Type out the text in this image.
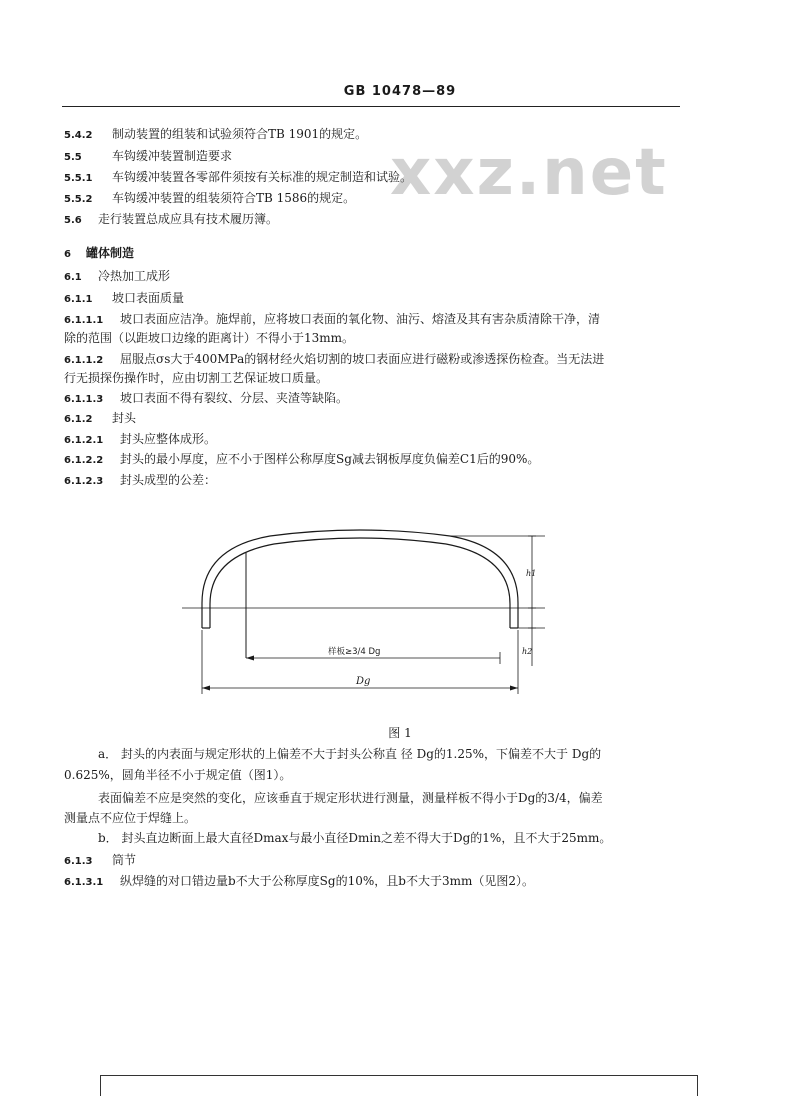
GB 10478—89
xxz.net
5.4.2 制动装置的组装和试验须符合TB 1901的规定。
5.5	车钩缓冲装置制造要求
5.5.1 车钩缓冲装置各零部件须按有关标准的规定制造和试验。
5.5.2 车钩缓冲装置的组装须符合TB 1586的规定。
5.6 走行装置总成应具有技术履历簿。
6 罐体制造
6.1 冷热加工成形
6.1.1 坡口表面质量
6.1.1.1 坡口表面应洁净。施焊前，应将坡口表面的氧化物、油污、熔渣及其有害杂质清除干净，清
除的范围（以距坡口边缘的距离计）不得小于13mm。
6.1.1.2 屈服点σs大于400MPa的钢材经火焰切割的坡口表面应进行磁粉或渗透探伤检查。当无法进
行无损探伤操作时，应由切割工艺保证坡口质量。
6.1.1.3 坡口表面不得有裂纹、分层、夹渣等缺陷。
6.1.2 封头
6.1.2.1 封头应整体成形。
6.1.2.2 封头的最小厚度，应不小于图样公称厚度Sg减去钢板厚度负偏差C1后的90%。
6.1.2.3 封头成型的公差：
样板≥3/4 Dg
Dg
h1
h2
图 1
a． 封头的内表面与规定形状的上偏差不大于封头公称直 径 Dg的1.25%，下偏差不大于 Dg的
0.625%，圆角半径不小于规定值（图1）。
表面偏差不应是突然的变化，应该垂直于规定形状进行测量，测量样板不得小于Dg的3/4，偏差
测量点不应位于焊缝上。
b． 封头直边断面上最大直径Dmax与最小直径Dmin之差不得大于Dg的1%，且不大于25mm。
6.1.3 筒节
6.1.3.1 纵焊缝的对口错边量b不大于公称厚度Sg的10%，且b不大于3mm（见图2）。
